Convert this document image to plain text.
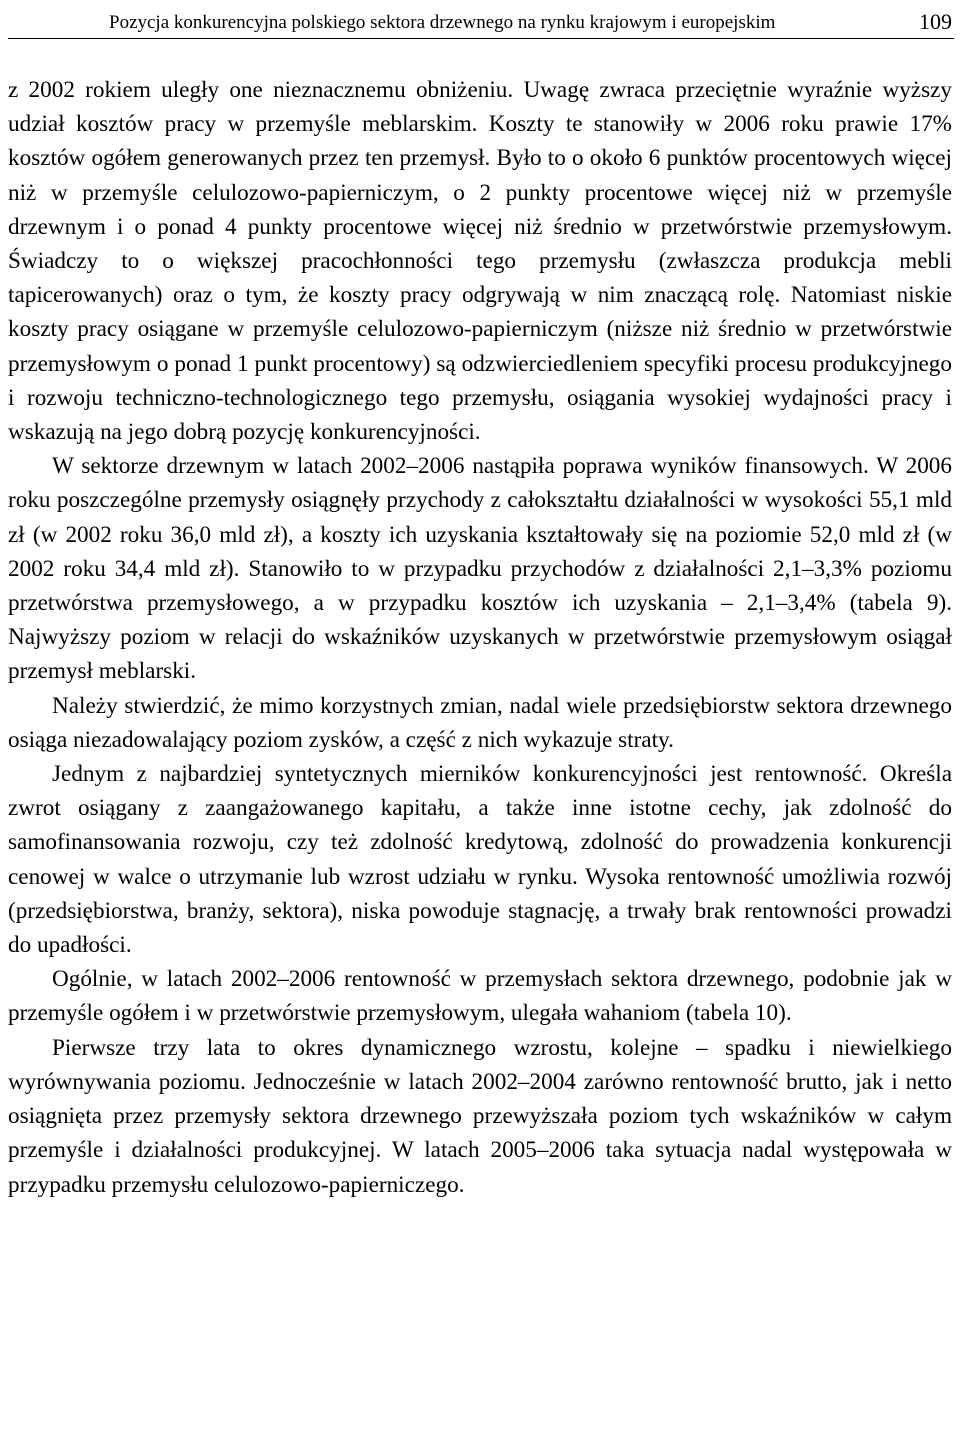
Pozycja konkurencyjna polskiego sektora drzewnego na rynku krajowym i europejskim	109

z 2002 rokiem uległy one nieznacznemu obniżeniu. Uwagę zwraca przeciętnie wyraźnie wyższy udział kosztów pracy w przemyśle meblarskim. Koszty te stanowiły w 2006 roku prawie 17% kosztów ogółem generowanych przez ten przemysł. Było to o około 6 punktów procentowych więcej niż w przemyśle celulozowo-papierniczym, o 2 punkty procentowe więcej niż w przemyśle drzewnym i o ponad 4 punkty procentowe więcej niż średnio w przetwórstwie przemysłowym. Świadczy to o większej pracochłonności tego przemysłu (zwłaszcza produkcja mebli tapicerowanych) oraz o tym, że koszty pracy odgrywają w nim znaczącą rolę. Natomiast niskie koszty pracy osiągane w przemyśle celulozowo-papierniczym (niższe niż średnio w przetwórstwie przemysłowym o ponad 1 punkt procentowy) są odzwierciedleniem specyfiki procesu produkcyjnego i rozwoju techniczno-technologicznego tego przemysłu, osiągania wysokiej wydajności pracy i wskazują na jego dobrą pozycję konkurencyjności.

W sektorze drzewnym w latach 2002–2006 nastąpiła poprawa wyników finansowych. W 2006 roku poszczególne przemysły osiągnęły przychody z całokształtu działalności w wysokości 55,1 mld zł (w 2002 roku 36,0 mld zł), a koszty ich uzyskania kształtowały się na poziomie 52,0 mld zł (w 2002 roku 34,4 mld zł). Stanowiło to w przypadku przychodów z działalności 2,1–3,3% poziomu przetwórstwa przemysłowego, a w przypadku kosztów ich uzyskania – 2,1–3,4% (tabela 9). Najwyższy poziom w relacji do wskaźników uzyskanych w przetwórstwie przemysłowym osiągał przemysł meblarski.

Należy stwierdzić, że mimo korzystnych zmian, nadal wiele przedsiębiorstw sektora drzewnego osiąga niezadowalający poziom zysków, a część z nich wykazuje straty.

Jednym z najbardziej syntetycznych mierników konkurencyjności jest rentowność. Określa zwrot osiągany z zaangażowanego kapitału, a także inne istotne cechy, jak zdolność do samofinansowania rozwoju, czy też zdolność kredytową, zdolność do prowadzenia konkurencji cenowej w walce o utrzymanie lub wzrost udziału w rynku. Wysoka rentowność umożliwia rozwój (przedsiębiorstwa, branży, sektora), niska powoduje stagnację, a trwały brak rentowności prowadzi do upadłości.

Ogólnie, w latach 2002–2006 rentowność w przemysłach sektora drzewnego, podobnie jak w przemyśle ogółem i w przetwórstwie przemysłowym, ulegała wahaniom (tabela 10).

Pierwsze trzy lata to okres dynamicznego wzrostu, kolejne – spadku i niewielkiego wyrównywania poziomu. Jednocześnie w latach 2002–2004 zarówno rentowność brutto, jak i netto osiągnięta przez przemysły sektora drzewnego przewyższała poziom tych wskaźników w całym przemyśle i działalności produkcyjnej. W latach 2005–2006 taka sytuacja nadal występowała w przypadku przemysłu celulozowo-papierniczego.
